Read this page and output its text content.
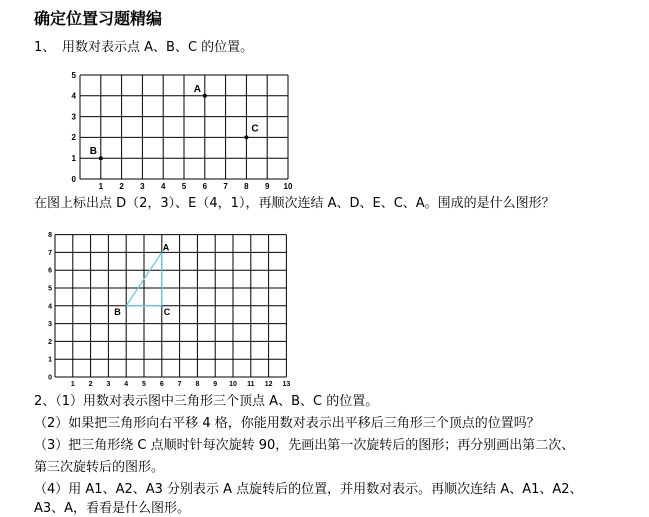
确定位置习题精编
1、 用数对表示点 A、B、C 的位置。
1 2 3 4 5 6 7 8 9 10
0
1
2
3
4
5
A
B
C
1 2 3 4 5 6 7 8 9 10 11 12 13
0
1
2
3
4
5
6
7
8
A
B	C
在图上标出点 D（2，3）、E（4，1），再顺次连结 A、D、E、C、A。围成的是什么图形？
2、（1）用数对表示图中三角形三个顶点 A、B、C 的位置。
（2）如果把三角形向右平移 4 格，你能用数对表示出平移后三角形三个顶点的位置吗？
（3）把三角形绕 C 点顺时针每次旋转 90，先画出第一次旋转后的图形；再分别画出第二次、
第三次旋转后的图形。
（4）用 A1、A2、A3 分别表示 A 点旋转后的位置，并用数对表示。再顺次连结 A、A1、A2、
A3、A，看看是什么图形。
